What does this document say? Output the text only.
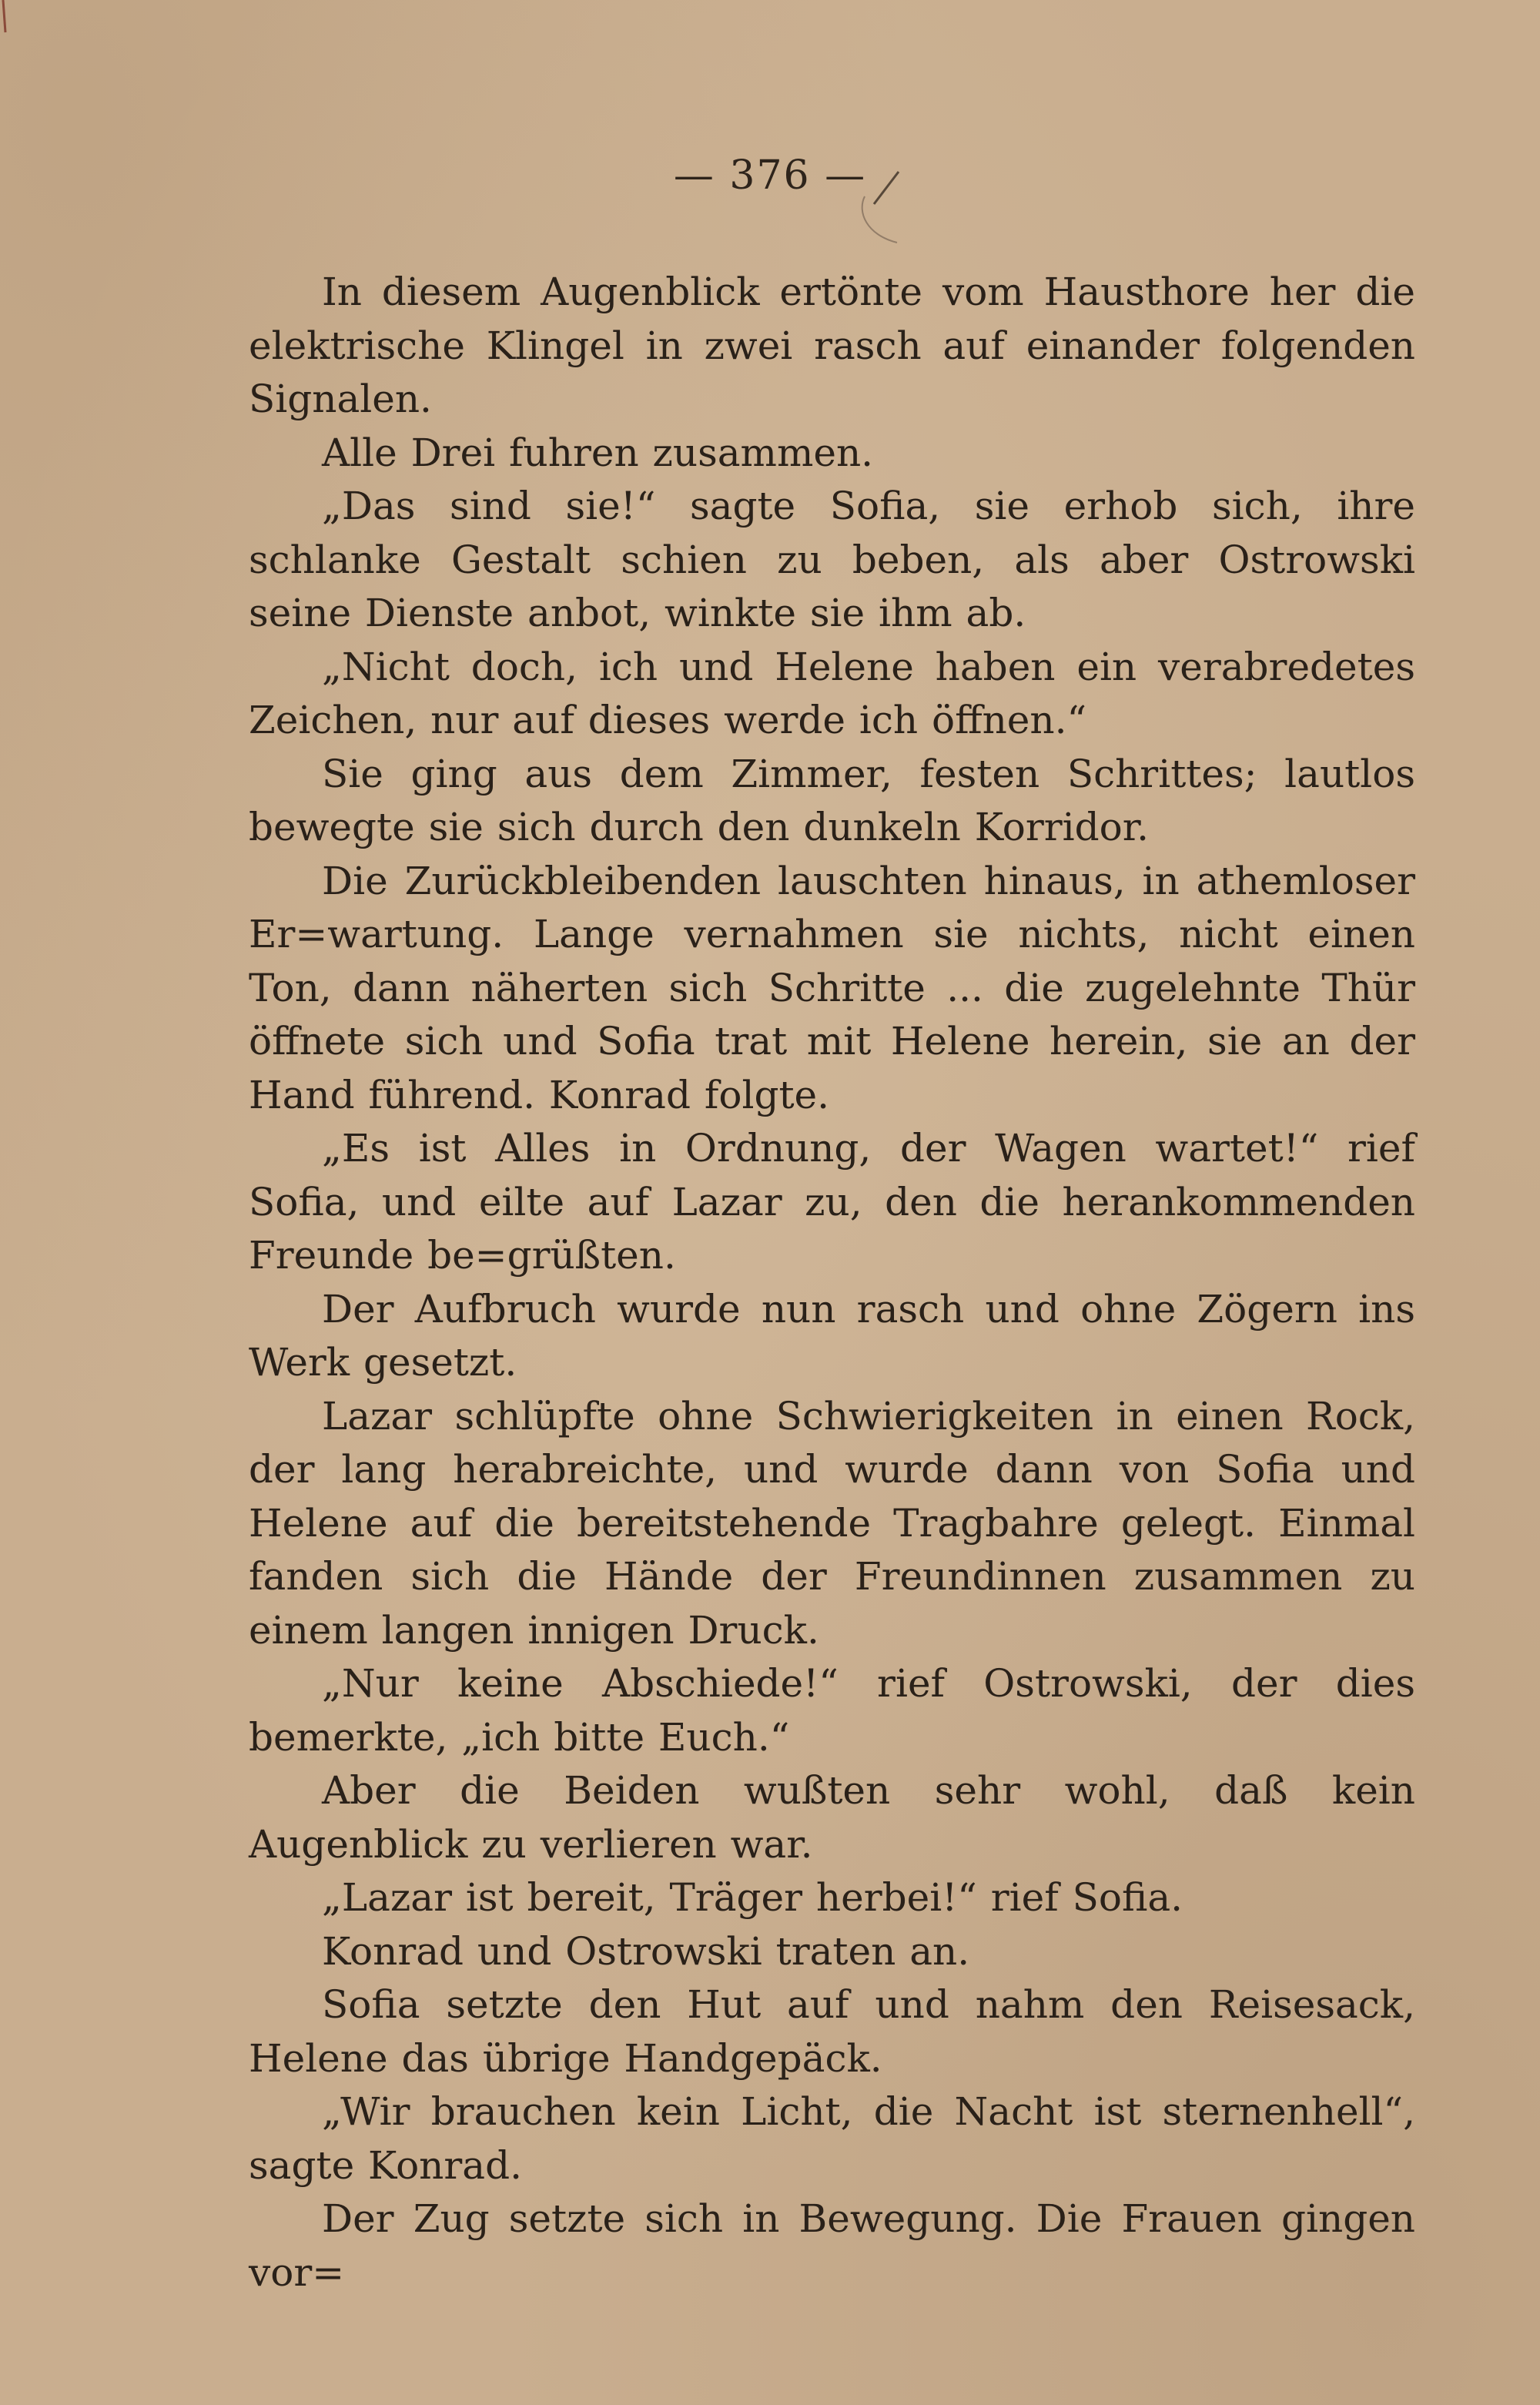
— 376 —

In diesem Augenblick ertönte vom Hausthore her die elektrische Klingel in zwei rasch auf einander folgenden Signalen.

Alle Drei fuhren zusammen.

„Das sind sie!“ sagte Sofia, sie erhob sich, ihre schlanke Gestalt schien zu beben, als aber Ostrowski seine Dienste anbot, winkte sie ihm ab.

„Nicht doch, ich und Helene haben ein verabredetes Zeichen, nur auf dieses werde ich öffnen.“

Sie ging aus dem Zimmer, festen Schrittes; lautlos bewegte sie sich durch den dunkeln Korridor.

Die Zurückbleibenden lauschten hinaus, in athemloser Er=wartung. Lange vernahmen sie nichts, nicht einen Ton, dann näherten sich Schritte ... die zugelehnte Thür öffnete sich und Sofia trat mit Helene herein, sie an der Hand führend. Konrad folgte.

„Es ist Alles in Ordnung, der Wagen wartet!“ rief Sofia, und eilte auf Lazar zu, den die herankommenden Freunde be=grüßten.

Der Aufbruch wurde nun rasch und ohne Zögern ins Werk gesetzt.

Lazar schlüpfte ohne Schwierigkeiten in einen Rock, der lang herabreichte, und wurde dann von Sofia und Helene auf die bereitstehende Tragbahre gelegt. Einmal fanden sich die Hände der Freundinnen zusammen zu einem langen innigen Druck.

„Nur keine Abschiede!“ rief Ostrowski, der dies bemerkte, „ich bitte Euch.“

Aber die Beiden wußten sehr wohl, daß kein Augenblick zu verlieren war.

„Lazar ist bereit, Träger herbei!“ rief Sofia.

Konrad und Ostrowski traten an.

Sofia setzte den Hut auf und nahm den Reisesack, Helene das übrige Handgepäck.

„Wir brauchen kein Licht, die Nacht ist sternenhell“, sagte Konrad.

Der Zug setzte sich in Bewegung. Die Frauen gingen vor=
